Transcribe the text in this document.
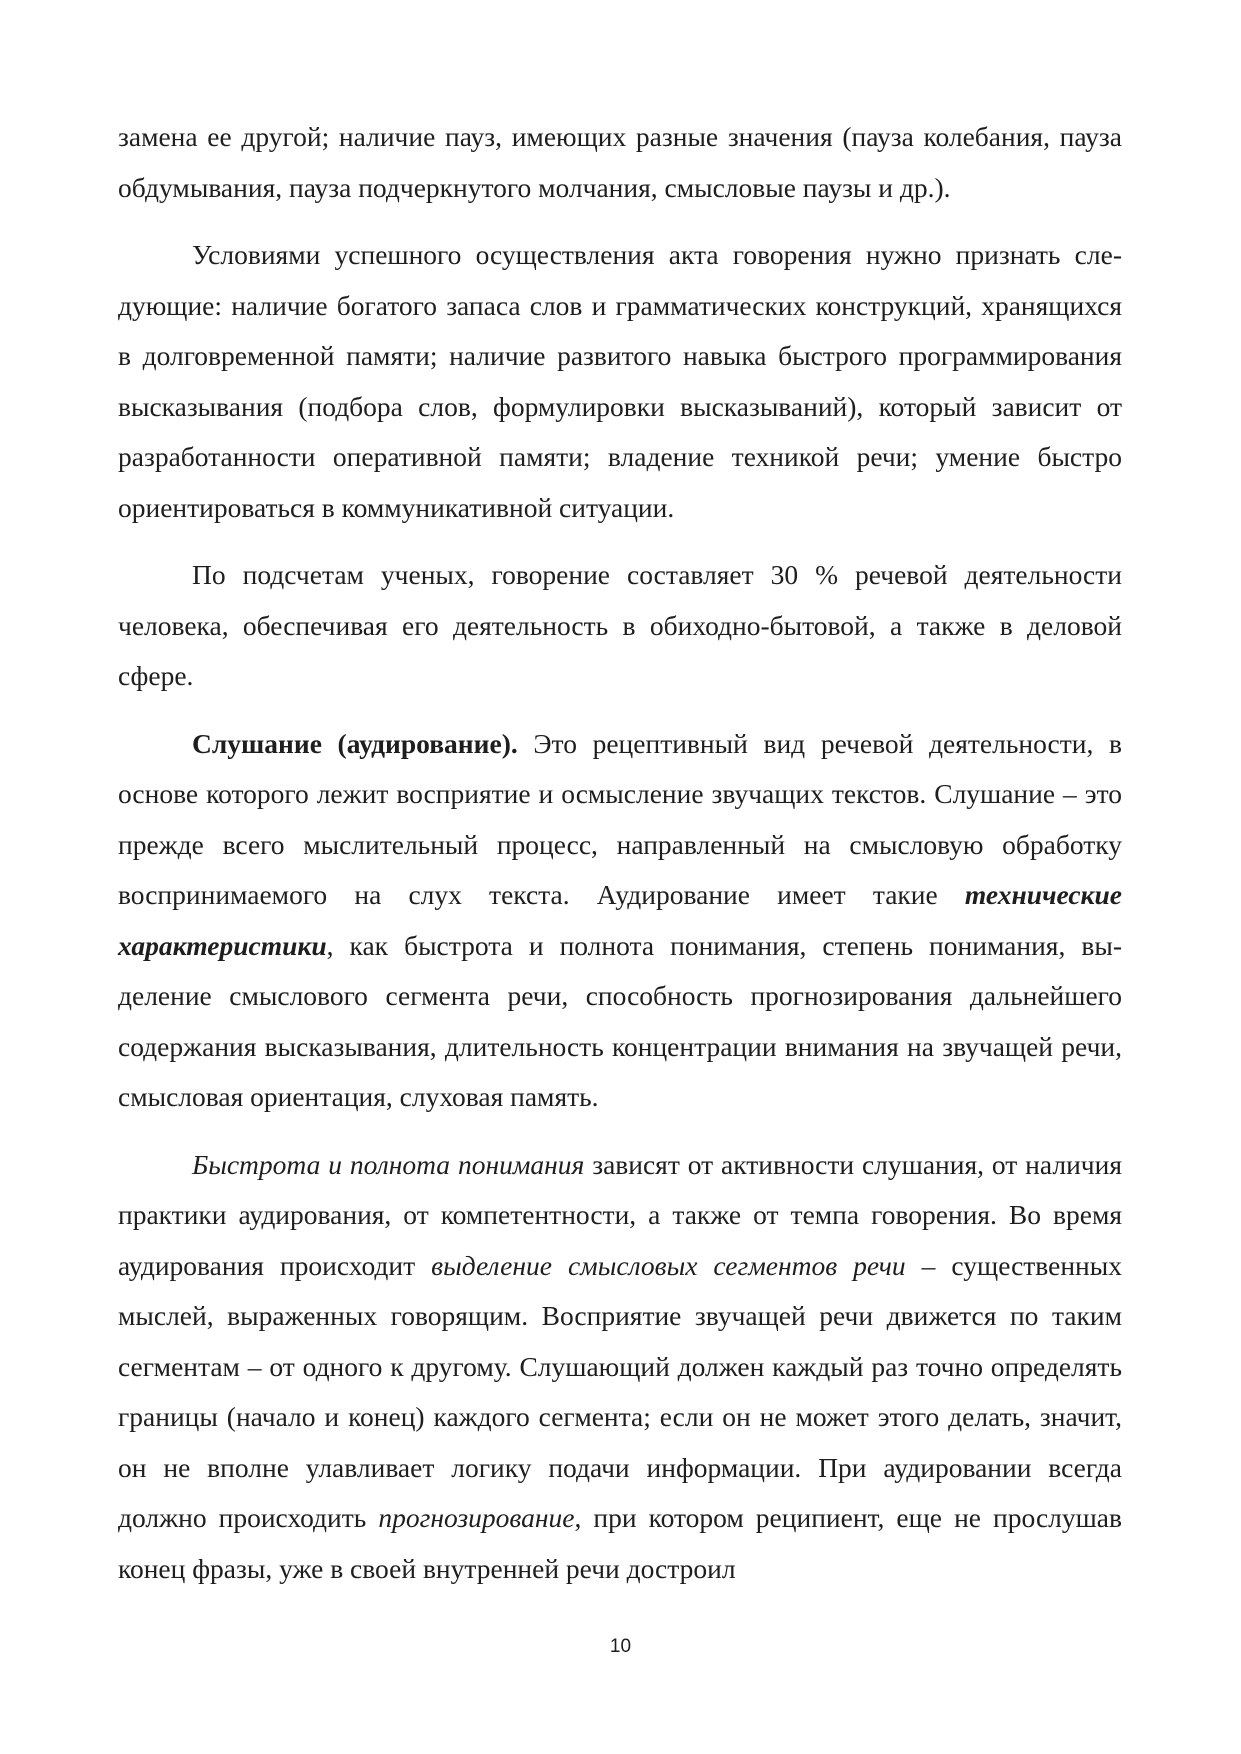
замена ее другой; наличие пауз, имеющих разные значения (пауза колебания, пауза обдумывания, пауза подчеркнутого молчания, смысловые паузы и др.).

Условиями успешного осуществления акта говорения нужно признать следующие: наличие богатого запаса слов и грамматических конструкций, хранящихся в долговременной памяти; наличие развитого навыка быстрого программирования высказывания (подбора слов, формулировки высказываний), который зависит от разработанности оперативной памяти; владение техникой речи; умение быстро ориентироваться в коммуникативной ситуации.

По подсчетам ученых, говорение составляет 30 % речевой деятельности человека, обеспечивая его деятельность в обиходно-бытовой, а также в деловой сфере.

Слушание (аудирование). Это рецептивный вид речевой деятельности, в основе которого лежит восприятие и осмысление звучащих текстов. Слушание – это прежде всего мыслительный процесс, направленный на смысловую обработку воспринимаемого на слух текста. Аудирование имеет такие технические характеристики, как быстрота и полнота понимания, степень понимания, выделение смыслового сегмента речи, способность прогнозирования дальнейшего содержания высказывания, длительность концентрации внимания на звучащей речи, смысловая ориентация, слуховая память.

Быстрота и полнота понимания зависят от активности слушания, от наличия практики аудирования, от компетентности, а также от темпа говорения. Во время аудирования происходит выделение смысловых сегментов речи – существенных мыслей, выраженных говорящим. Восприятие звучащей речи движется по таким сегментам – от одного к другому. Слушающий должен каждый раз точно определять границы (начало и конец) каждого сегмента; если он не может этого делать, значит, он не вполне улавливает логику подачи информации. При аудировании всегда должно происходить прогнозирование, при котором реципиент, еще не прослушав конец фразы, уже в своей внутренней речи достроил

10
